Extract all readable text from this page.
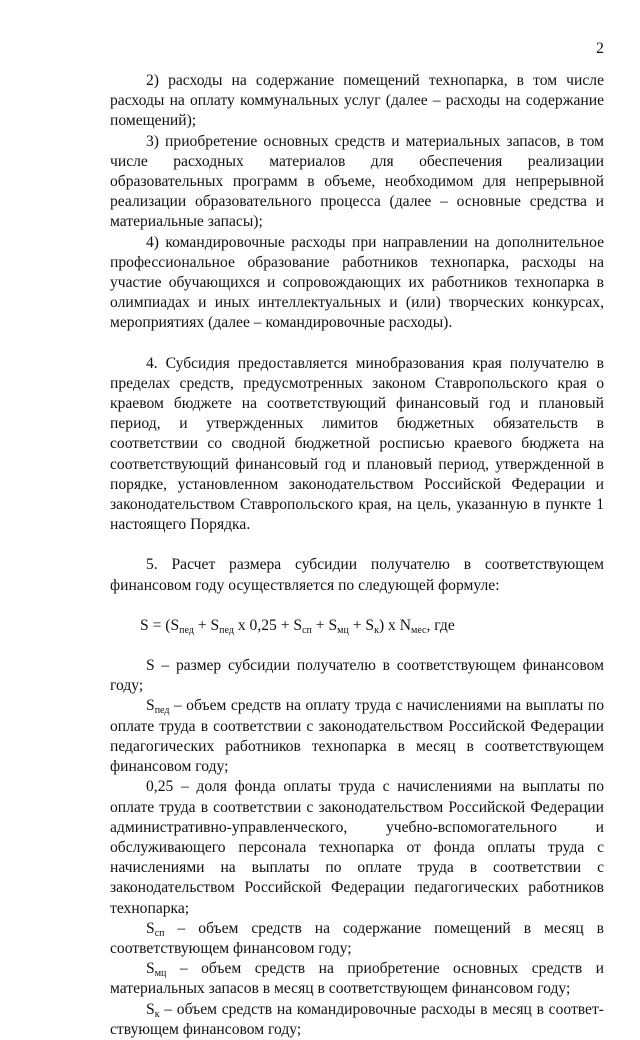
2

2) расходы на содержание помещений технопарка, в том числе расходы на оплату коммунальных услуг (далее – расходы на содержание помещений);

3) приобретение основных средств и материальных запасов, в том числе расходных материалов для обеспечения реализации образовательных программ в объеме, необходимом для непрерывной реализации образовательного процесса (далее – основные средства и материальные запасы);

4) командировочные расходы при направлении на дополнительное профессиональное образование работников технопарка, расходы на участие обучающихся и сопровождающих их работников технопарка в олимпиадах и иных интеллектуальных и (или) творческих конкурсах, мероприятиях (далее – командировочные расходы).

4. Субсидия предоставляется минобразования края получателю в пределах средств, предусмотренных законом Ставропольского края о краевом бюджете на соответствующий финансовый год и плановый период, и утвержденных лимитов бюджетных обязательств в соответствии со сводной бюджетной росписью краевого бюджета на соответствующий финансовый год и плановый период, утвержденной в порядке, установленном законодательством Российской Федерации и законодательством Ставропольского края, на цель, указанную в пункте 1 настоящего Порядка.

5. Расчет размера субсидии получателю в соответствующем финансовом году осуществляется по следующей формуле:

$S = (S_{пед} + S_{пед}$ х $0,25 + S_{сп} + S_{мц} + S_к$) х $N_{мес}$, где

S – размер субсидии получателю в соответствующем финансовом году;

$S_{пед}$ – объем средств на оплату труда с начислениями на выплаты по оплате труда в соответствии с законодательством Российской Федерации педагогических работников технопарка в месяц в соответствующем финансовом году;

0,25 – доля фонда оплаты труда с начислениями на выплаты по оплате труда в соответствии с законодательством Российской Федерации административно-управленческого, учебно-вспомогательного и обслуживающего персонала технопарка от фонда оплаты труда с начислениями на выплаты по оплате труда в соответствии с законодательством Российской Федерации педагогических работников технопарка;

$S_{сп}$ – объем средств на содержание помещений в месяц в соответствующем финансовом году;

$S_{мц}$ – объем средств на приобретение основных средств и материальных запасов в месяц в соответствующем финансовом году;

$S_к$ – объем средств на командировочные расходы в месяц в соответствующем финансовом году;
